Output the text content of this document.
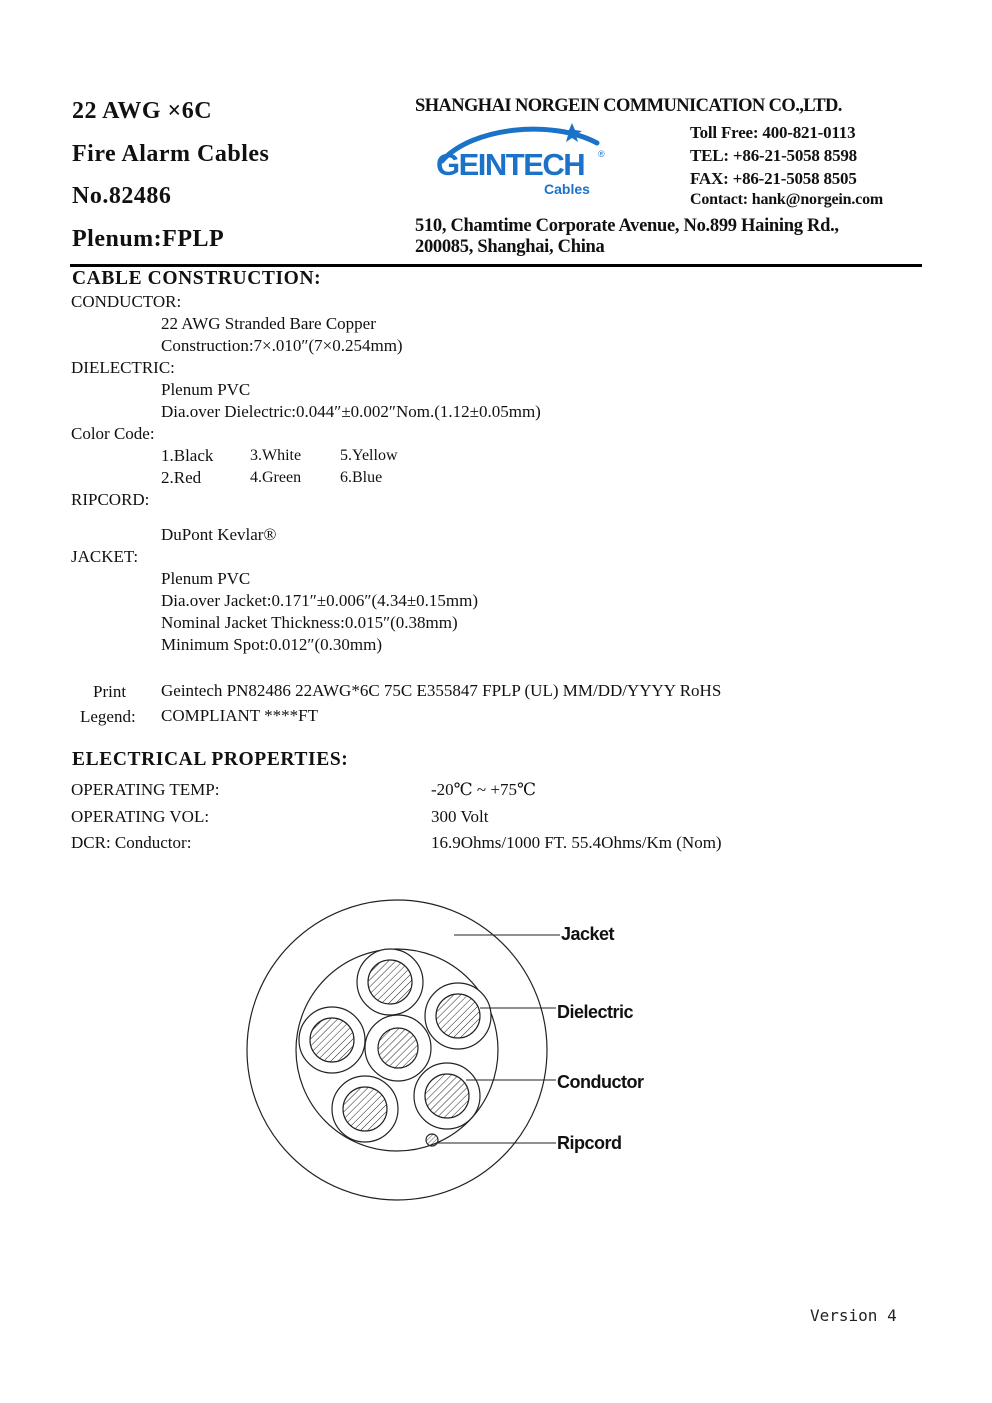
22 AWG ×6C
Fire Alarm Cables
No.82486
Plenum:FPLP
SHANGHAI NORGEIN COMMUNICATION CO.,LTD.
GEINTECH ®
Cables
Toll Free: 400-821-0113
TEL: +86-21-5058 8598
FAX: +86-21-5058 8505
Contact: hank@norgein.com
510, Chamtime Corporate Avenue, No.899 Haining Rd.,
200085, Shanghai, China
CABLE CONSTRUCTION:
CONDUCTOR:
22 AWG Stranded Bare Copper
Construction:7×.010″(7×0.254mm)
DIELECTRIC:
Plenum PVC
Dia.over Dielectric:0.044″±0.002″Nom.(1.12±0.05mm)
Color Code:
1.Black 3.White 5.Yellow
2.Red	4.Green 6.Blue
RIPCORD:
DuPont Kevlar®
JACKET:
Plenum PVC
Dia.over Jacket:0.171″±0.006″(4.34±0.15mm)
Nominal Jacket Thickness:0.015″(0.38mm)
Minimum Spot:0.012″(0.30mm)
Print
Legend:
Geintech PN82486 22AWG*6C 75C E355847 FPLP (UL) MM/DD/YYYY RoHS
COMPLIANT ****FT
ELECTRICAL PROPERTIES:
OPERATING TEMP:	-20℃ ~ +75℃
OPERATING VOL:	300 Volt
DCR: Conductor:	16.9Ohms/1000 FT. 55.4Ohms/Km (Nom)
Jacket
Dielectric
Conductor
Ripcord
Version 4
